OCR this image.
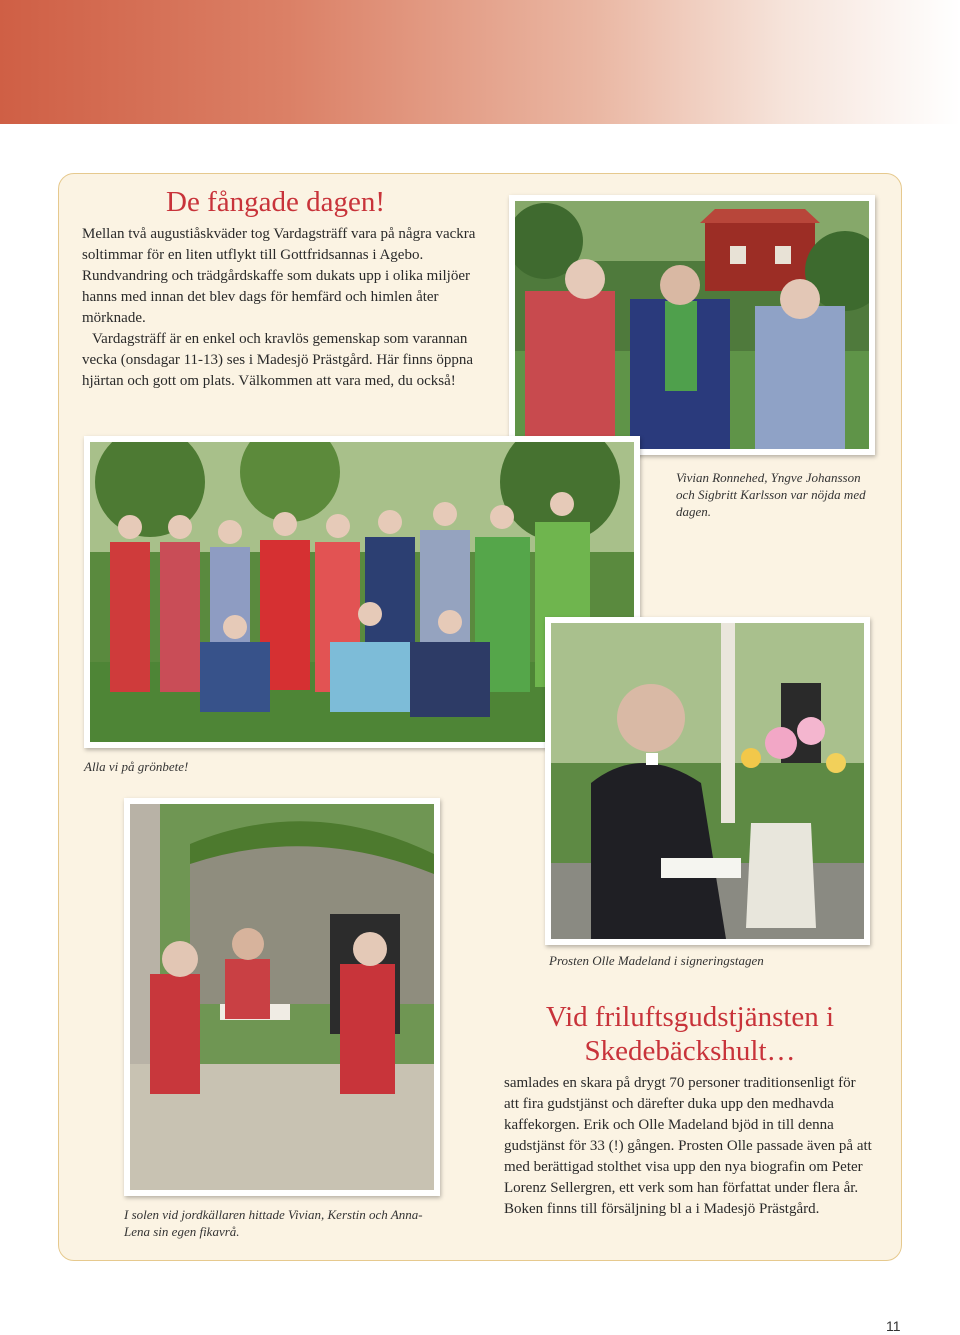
De fångade dagen!

Mellan två augustiåskväder tog Vardagsträff vara på några vackra soltimmar för en liten utflykt till Gottfridsannas i Agebo. Rundvandring och trädgårdskaffe som dukats upp i olika miljöer hanns med innan det blev dags för hemfärd och himlen åter mörknade.

Vardagsträff är en enkel och kravlös gemenskap som varannan vecka (onsdagar 11-13) ses i Madesjö Prästgård. Här finns öppna hjärtan och gott om plats. Välkommen att vara med, du också!

Vivian Ronnehed, Yngve Johansson och Sigbritt Karlsson var nöjda med dagen.
Alla vi på grönbete!
Prosten Olle Madeland i signeringstagen
I solen vid jordkällaren hittade Vivian, Kerstin och Anna-Lena sin egen fikavrå.
Vid friluftsgudstjänsten i Skedebäckshult…
samlades en skara på drygt 70 personer traditionsenligt för att fira gudstjänst och därefter duka upp den medhavda kaffekorgen. Erik och Olle Madeland bjöd in till denna gudstjänst för 33 (!) gången. Prosten Olle passade även på att med berättigad stolthet visa upp den nya biografin om Peter Lorenz Sellergren, ett verk som han författat under flera år. Boken finns till försäljning bl a i Madesjö Prästgård.
11
